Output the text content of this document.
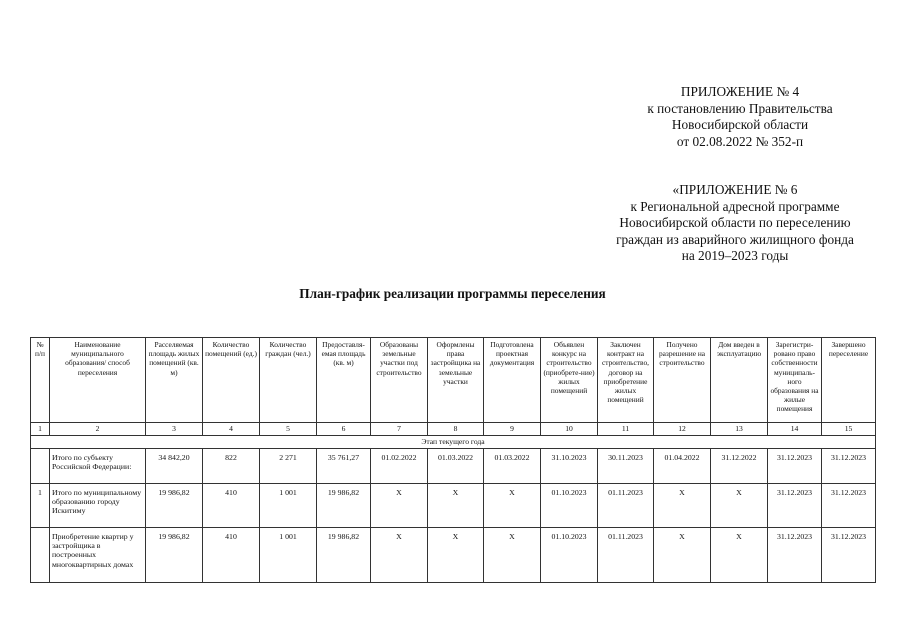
ПРИЛОЖЕНИЕ № 4
к постановлению Правительства
Новосибирской области
от 02.08.2022 № 352-п
«ПРИЛОЖЕНИЕ № 6
к Региональной адресной программе
Новосибирской области по переселению
граждан из аварийного жилищного фонда
на 2019–2023 годы
План-график реализации программы переселения
№ п/п	Наименование муниципального образования/ способ переселения	Расселяемая площадь жилых помещений (кв. м)	Количество помещений (ед.)	Количество граждан (чел.)	Предоставля-емая площадь (кв. м)	Образованы земельные участки под строительство	Оформлены права застройщика на земельные участки	Подготовлена проектная документация	Объявлен конкурс на строительство (приобрете-ние) жилых помещений	Заключен контракт на строительство, договор на приобретение жилых помещений	Получено разрешение на строительство	Дом введен в эксплуатацию	Зарегистри-ровано право собственности муниципаль-ного образования на жилые помещения	Завершено переселение
1	2	3	4	5	6	7	8	9	10	11	12	13	14	15
Этап текущего года														
	Итого по субъекту Российской Федерации:	34 842,20	822	2 271	35 761,27	01.02.2022	01.03.2022	01.03.2022	31.10.2023	30.11.2023	01.04.2022	31.12.2022	31.12.2023	31.12.2023
1	Итого по муниципальному образованию городу Искитиму	19 986,82	410	1 001	19 986,82	Х	Х	Х	01.10.2023	01.11.2023	Х	Х	31.12.2023	31.12.2023
	Приобретение квартир у застройщика в построенных многоквартирных домах	19 986,82	410	1 001	19 986,82	Х	Х	Х	01.10.2023	01.11.2023	Х	Х	31.12.2023	31.12.2023
